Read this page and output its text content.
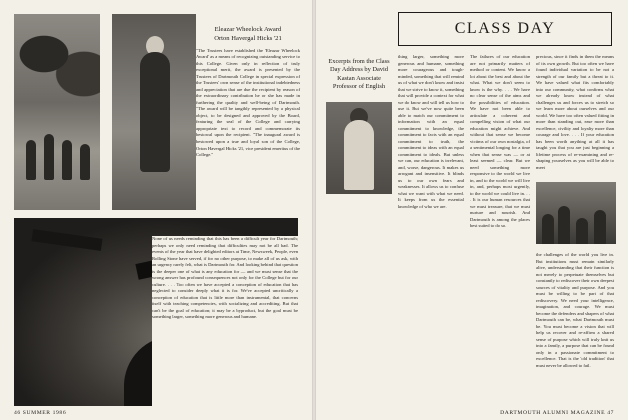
Eleazar Wheelock Award
Orton Havergal Hicks '21
"The Trustees have established the 'Eleazar Wheelock Award' as a means of recognizing outstanding service to this College. Given only in reflection of truly exceptional merit, the award is presented by the Trustees of Dartmouth College in special expression of the Trustees' own sense of the institutional indebtedness and appreciation that are due the recipient by reason of the extraordinary contribution he or she has made in furthering the quality and well-being of Dartmouth. "The award will be tangibly represented by a physical object, to be designed and approved by the Board, featuring the seal of the College and carrying appropriate text to record and commemorate its bestowal upon the recipient. "The inaugural award is bestowed upon a true and loyal son of the College, Orton Havergal Hicks '21, vice president emeritus of the College."
None of us needs reminding that this has been a difficult year for Dartmouth; perhaps we only need reminding that difficulties may not be all bad. The events of the year that have delighted editors at Time, Newsweek, People, even Rolling Stone have served, if for no other purpose, to make all of us ask, with an urgency rarely felt, what is Dartmouth for. And looking behind that question is the deeper one of what is any education for — and we must sense that the wrong answer has profound consequences not only for the College but for our culture. . . . Too often we have accepted a conception of education that has neglected to consider deeply what it is for. We've accepted uncritically a conception of education that is little more than instrumental, that concerns itself with teaching competencies, with socializing and accrediting. But that can't be the goal of education; it may be a byproduct, but the goal must be something larger, something more generous and humane.
46 SUMMER 1986
CLASS DAY
Excerpts from the Class Day Address by David Kastan Associate Professor of English
thing larger, something more generous and humane, something more courageous and tough-minded, something that will remind us of what we don't know and insist that we strive to know it, something that will provide a context for what we do know and will tell us how to use it. But we've now quite been able to match our commitment to information with an equal commitment to knowledge, the commitment to facts with an equal commitment to truth, the commitment to ideas with an equal commitment to ideals. But unless we can, our education is irrelevant, and, worse, dangerous. It makes us arrogant and insensitive. It blinds us to our own fears and weaknesses. It allows us to confuse what we want with what we need. It keeps from us the essential knowledge of who we are.
The failures of our education are not primarily matters of method or content. We know a lot about the best and about the what. What we don't seem to know is the why. . . . We have no clear sense of the aims and the possibilities of education. We have not been able to articulate a coherent and compelling vision of what our education might achieve. And without that sense we become victims of our own nostalgia, of a sentimental longing for a time when that sense was — or at least seemed — clear. But we need something more responsive to the world we live in, and to the world we will live in, and, perhaps most urgently, to the world we could live in. . . . It is our human resources that we must treasure, that we must nurture and nourish. And Dartmouth is among the places best suited to do so.
precious, since it finds in them the means of its own growth. But too often we have found individual variation to be not a strength of our family but a threat to it. We have valued what fits comfortably into our community, what confirms what we already know instead of what challenges us and forces us to stretch so we learn more about ourselves and our world. We have too often valued fitting in more than standing out, ease more than excellence, civility and loyalty more than courage and love. . . . If your education has been worth anything at all it has taught you that you are just beginning a lifetime process of re-examining and re-shaping yourselves as you will be able to meet
the challenges of the world you live in. But institutions must remain similarly alive, understanding that their function is not merely to perpetuate themselves but constantly to rediscover their own deepest sources of vitality and purpose. And you must be willing to be part of that rediscovery. We need your intelligence, imagination, and courage. We must become the defenders and shapers of what Dartmouth can be, what Dartmouth must be. You must become a vision that will help us recover and re-affirm a shared sense of purpose which will truly knit us into a family, a purpose that can be found only in a passionate commitment to excellence. That is the 'old tradition' that must never be allowed to fail.
DARTMOUTH ALUMNI MAGAZINE 47
